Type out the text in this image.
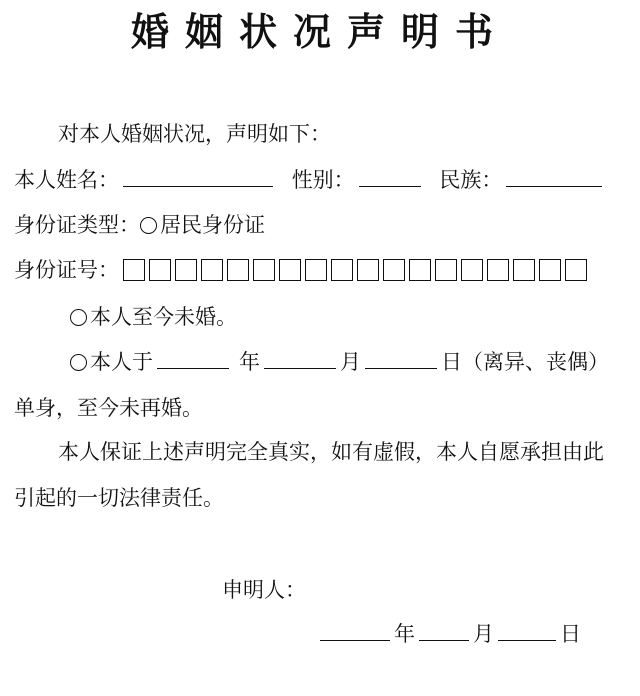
婚姻状况声明书
对本人婚姻状况，声明如下：
本人姓名：	性别：	民族：
身份证类型： 居民身份证
身份证号：
本人至今未婚。
本人于	年	月	日（离异、丧偶）
单身，至今未再婚。
本人保证上述声明完全真实，如有虚假，本人自愿承担由此
引起的一切法律责任。
申明人：
年	月	日
